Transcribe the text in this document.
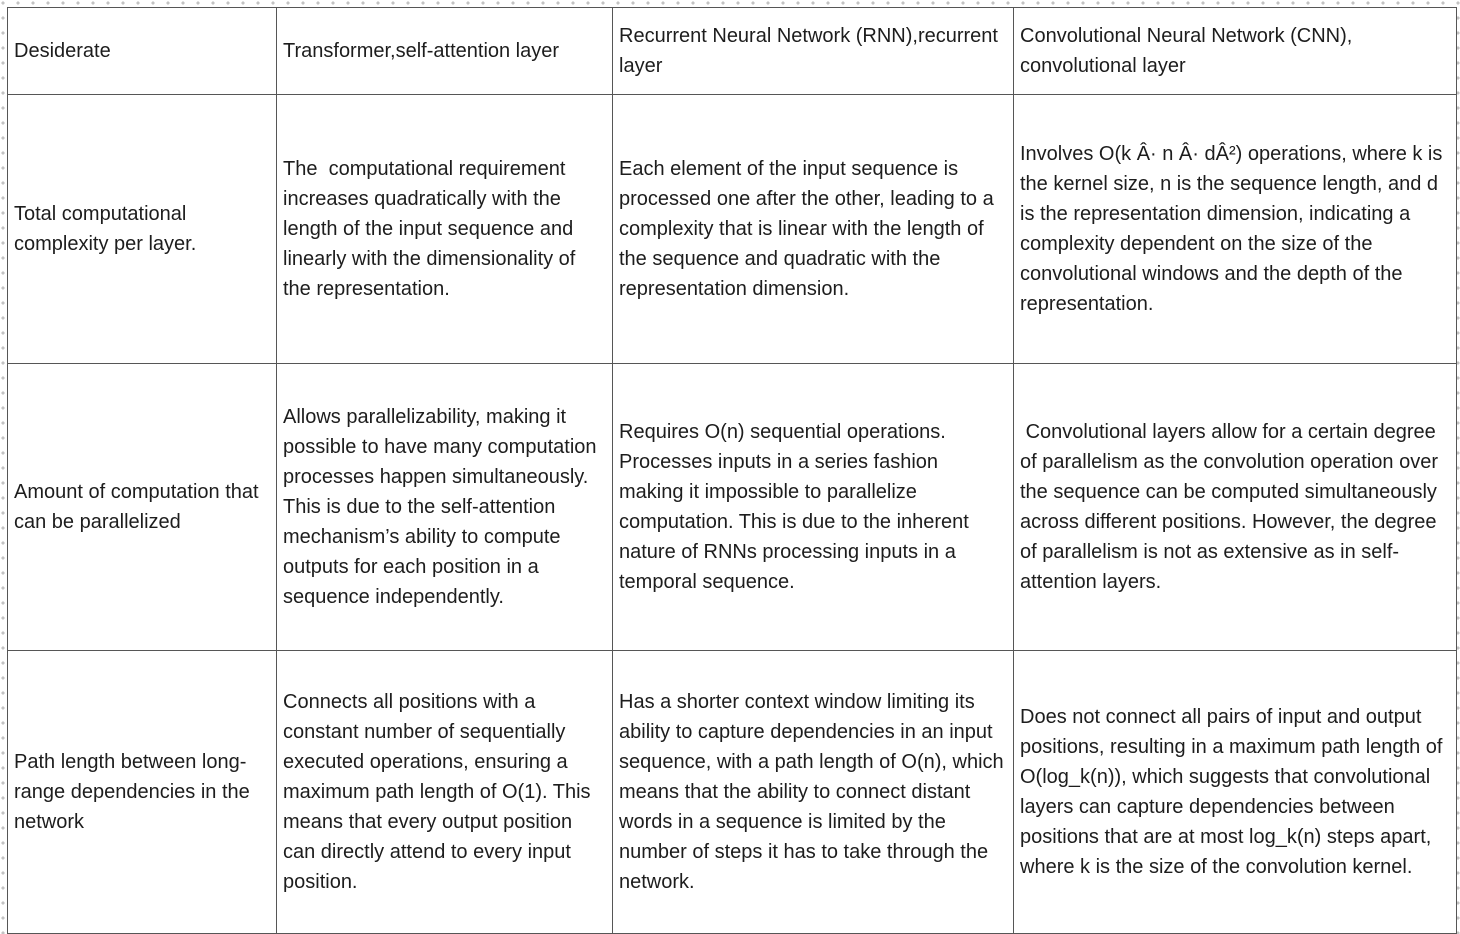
Desiderate	Transformer,self-attention layer	Recurrent Neural Network (RNN),recurrent layer	Convolutional Neural Network (CNN), convolutional layer
Total computational complexity per layer.	The  computational requirement increases quadratically with the length of the input sequence and linearly with the dimensionality of the representation.	Each element of the input sequence is processed one after the other, leading to a complexity that is linear with the length of the sequence and quadratic with the representation dimension.	Involves O(k Â· n Â· dÂ²) operations, where k is the kernel size, n is the sequence length, and d is the representation dimension, indicating a complexity dependent on the size of the convolutional windows and the depth of the representation.
Amount of computation that can be parallelized	Allows parallelizability, making it possible to have many computation processes happen simultaneously. This is due to the self-attention mechanism’s ability to compute outputs for each position in a sequence independently.	Requires O(n) sequential operations. Processes inputs in a series fashion making it impossible to parallelize computation. This is due to the inherent nature of RNNs processing inputs in a temporal sequence.	Convolutional layers allow for a certain degree of parallelism as the convolution operation over the sequence can be computed simultaneously across different positions. However, the degree of parallelism is not as extensive as in self-attention layers.
Path length between long-range dependencies in the network	Connects all positions with a constant number of sequentially executed operations, ensuring a maximum path length of O(1). This means that every output position can directly attend to every input position.	Has a shorter context window limiting its ability to capture dependencies in an input sequence, with a path length of O(n), which means that the ability to connect distant words in a sequence is limited by the number of steps it has to take through the network.	Does not connect all pairs of input and output positions, resulting in a maximum path length of O(log_k(n)), which suggests that convolutional layers can capture dependencies between positions that are at most log_k(n) steps apart, where k is the size of the convolution kernel.
